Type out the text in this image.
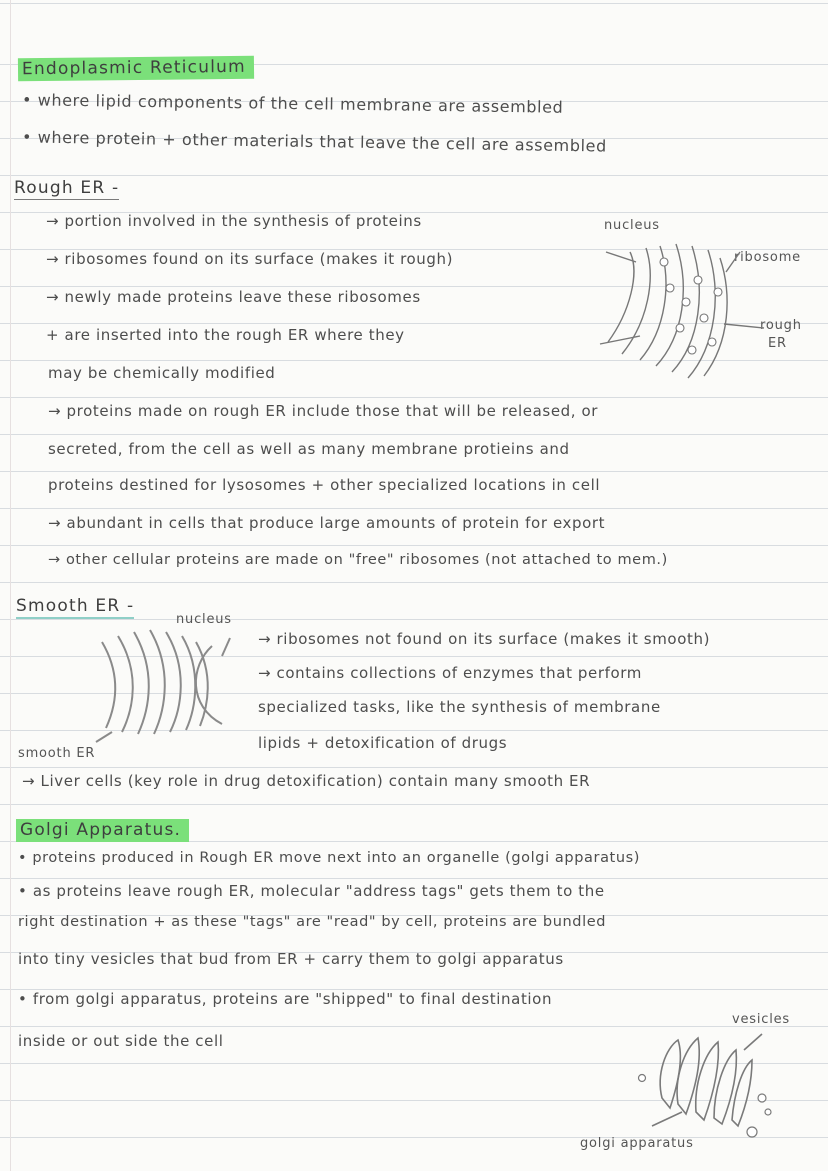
Endoplasmic Reticulum
• where lipid components of the cell membrane are assembled
• where protein + other materials that leave the cell are assembled
Rough ER -
→ portion involved in the synthesis of proteins
→ ribosomes found on its surface (makes it rough)
→ newly made proteins leave these ribosomes
+ are inserted into the rough ER where they
may be chemically modified
nucleus
ribosome
rough
ER
→ proteins made on rough ER include those that will be released, or
secreted, from the cell as well as many membrane protieins and
proteins destined for lysosomes + other specialized locations in cell
→ abundant in cells that produce large amounts of protein for export
→ other cellular proteins are made on "free" ribosomes (not attached to mem.)
Smooth ER -
nucleus
smooth ER
→ ribosomes not found on its surface (makes it smooth)
→ contains collections of enzymes that perform
specialized tasks, like the synthesis of membrane
lipids + detoxification of drugs
→ Liver cells (key role in drug detoxification) contain many smooth ER
Golgi Apparatus.
• proteins produced in Rough ER move next into an organelle (golgi apparatus)
• as proteins leave rough ER, molecular "address tags" gets them to the
right destination + as these "tags" are "read" by cell, proteins are bundled
into tiny vesicles that bud from ER + carry them to golgi apparatus
• from golgi apparatus, proteins are "shipped" to final destination
inside or out side the cell
vesicles
golgi apparatus
